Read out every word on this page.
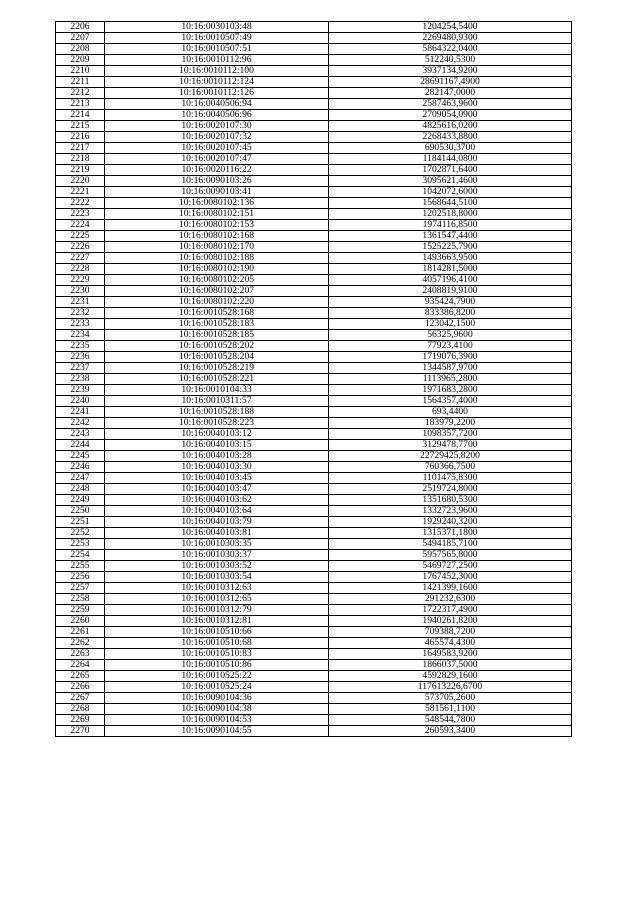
2206	10:16:0030103:48	1204254,5400
2207	10:16:0010507:49	2269480,9300
2208	10:16:0010507:51	5864322,0400
2209	10:16:0010112:96	512240,5300
2210	10:16:0010112:100	3937134,9200
2211	10:16:0010112:124	28691167,4900
2212	10:16:0010112:126	282147,0000
2213	10:16:0040506:94	2587463,9600
2214	10:16:0040506:96	2709054,0900
2215	10:16:0020107:30	4825616,0200
2216	10:16:0020107:32	2268433,8800
2217	10:16:0020107:45	690530,3700
2218	10:16:0020107:47	1184144,0800
2219	10:16:0020116:22	1702871,6400
2220	10:16:0090103:26	3095621,4600
2221	10:16:0090103:41	1042072,6000
2222	10:16:0080102:136	1568644,5100
2223	10:16:0080102:151	1202518,8000
2224	10:16:0080102:153	1974116,8500
2225	10:16:0080102:168	1361547,4400
2226	10:16:0080102:170	1525225,7900
2227	10:16:0080102:188	1493663,9500
2228	10:16:0080102:190	1814281,5000
2229	10:16:0080102:205	4057196,4100
2230	10:16:0080102:207	2408819,9100
2231	10:16:0080102:220	935424,7900
2232	10:16:0010528:168	833386,8200
2233	10:16:0010528:183	123042,1500
2234	10:16:0010528:185	56325,9600
2235	10:16:0010528:202	77923,4100
2236	10:16:0010528:204	1719076,3900
2237	10:16:0010528:219	1344587,9700
2238	10:16:0010528:221	1113965,2800
2239	10:16:0010104:33	1971683,2800
2240	10:16:0010311:57	1564357,4000
2241	10:16:0010528:188	693,4400
2242	10:16:0010528:223	183979,2200
2243	10:16:0040103:12	1098357,7200
2244	10:16:0040103:15	3129478,7700
2245	10:16:0040103:28	22729425,8200
2246	10:16:0040103:30	760366,7500
2247	10:16:0040103:45	1101475,8300
2248	10:16:0040103:47	2519724,8000
2249	10:16:0040103:62	1351680,5300
2250	10:16:0040103:64	1332723,9600
2251	10:16:0040103:79	1929240,3200
2252	10:16:0040103:81	1315371,1800
2253	10:16:0010303:35	5494185,7100
2254	10:16:0010303:37	5957565,8000
2255	10:16:0010303:52	5469727,2500
2256	10:16:0010303:54	1767452,3000
2257	10:16:0010312:63	1421399,1600
2258	10:16:0010312:65	291232,6300
2259	10:16:0010312:79	1722317,4900
2260	10:16:0010312:81	1940261,8200
2261	10:16:0010510:66	709388,7200
2262	10:16:0010510:68	465574,4300
2263	10:16:0010510:83	1649583,9200
2264	10:16:0010510:86	1866037,5000
2265	10:16:0010525:22	4592829,1600
2266	10:16:0010525:24	117613226,6700
2267	10:16:0090104:36	573705,2600
2268	10:16:0090104:38	581561,1100
2269	10:16:0090104:53	548544,7800
2270	10:16:0090104:55	260593,3400
